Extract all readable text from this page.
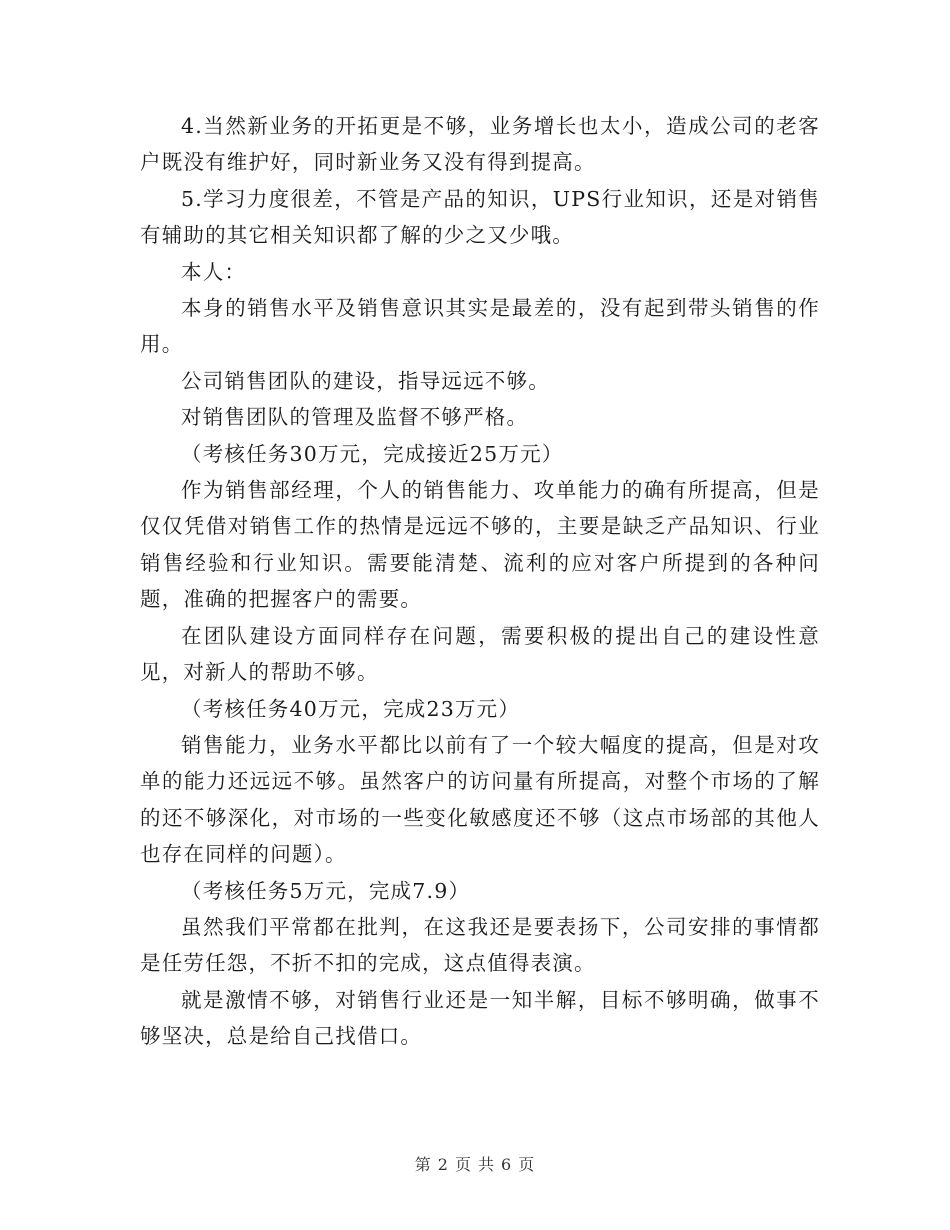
4.当然新业务的开拓更是不够，业务增长也太小，造成公司的老客户既没有维护好，同时新业务又没有得到提高。

5.学习力度很差，不管是产品的知识，UPS行业知识，还是对销售有辅助的其它相关知识都了解的少之又少哦。

本人：

本身的销售水平及销售意识其实是最差的，没有起到带头销售的作用。

公司销售团队的建设，指导远远不够。

对销售团队的管理及监督不够严格。

（考核任务30万元，完成接近25万元）

作为销售部经理，个人的销售能力、攻单能力的确有所提高，但是仅仅凭借对销售工作的热情是远远不够的，主要是缺乏产品知识、行业销售经验和行业知识。需要能清楚、流利的应对客户所提到的各种问题，准确的把握客户的需要。

在团队建设方面同样存在问题，需要积极的提出自己的建设性意见，对新人的帮助不够。

（考核任务40万元，完成23万元）

销售能力，业务水平都比以前有了一个较大幅度的提高，但是对攻单的能力还远远不够。虽然客户的访问量有所提高，对整个市场的了解的还不够深化，对市场的一些变化敏感度还不够（这点市场部的其他人也存在同样的问题）。

（考核任务5万元，完成7.9）

虽然我们平常都在批判，在这我还是要表扬下，公司安排的事情都是任劳任怨，不折不扣的完成，这点值得表演。

就是激情不够，对销售行业还是一知半解，目标不够明确，做事不够坚决，总是给自己找借口。

第 2 页 共 6 页
